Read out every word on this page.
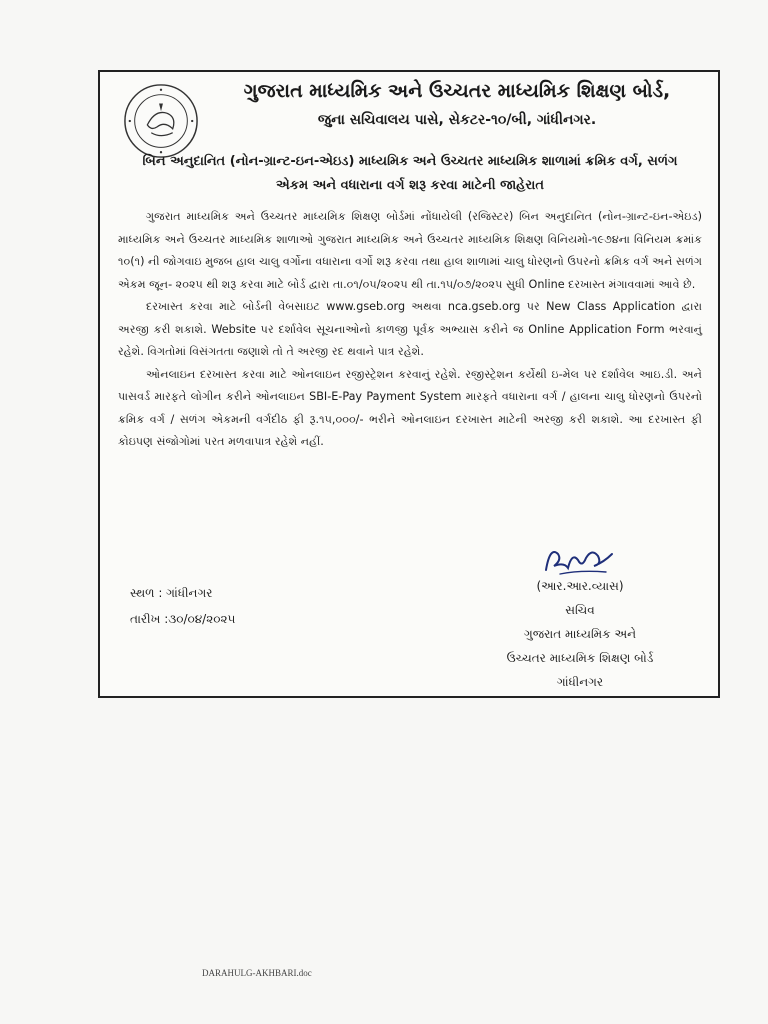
ગુજરાત માધ્યમિક અને ઉચ્ચતર માધ્યમિક શિક્ષણ બોર્ડ,
જુના સચિવાલય પાસે, સેકટર-૧૦/બી, ગાંધીનગર.
બિન અનુદાનિત (નોન-ગ્રાન્ટ-ઇન-એઇડ) માધ્યમિક અને ઉચ્ચતર માધ્યમિક શાળામાં ક્રમિક વર્ગ, સળંગ
એકમ અને વધારાના વર્ગ શરૂ કરવા માટેની જાહેરાત

ગુજરાત માધ્યમિક અને ઉચ્ચતર માધ્યમિક શિક્ષણ બોર્ડમાં નોંધાયેલી (રજિસ્ટર) બિન અનુદાનિત (નોન-ગ્રાન્ટ-ઇન-એઇડ) માધ્યમિક અને ઉચ્ચતર માધ્યમિક શાળાઓ ગુજરાત માધ્યમિક અને ઉચ્ચતર માધ્યમિક શિક્ષણ વિનિયમો-૧૯૭૪ના વિનિયમ ક્રમાંક ૧૦(૧) ની જોગવાઇ મુજબ હાલ ચાલુ વર્ગોના વધારાના વર્ગો શરૂ કરવા તથા હાલ શાળામાં ચાલુ ધોરણનો ઉપરનો ક્રમિક વર્ગ અને સળંગ એકમ જૂન- ૨૦૨૫ થી શરૂ કરવા માટે બોર્ડ દ્વારા તા.૦૧/૦૫/૨૦૨૫ થી તા.૧૫/૦૭/૨૦૨૫ સુધી Online દરખાસ્ત મંગાવવામાં આવે છે.

દરખાસ્ત કરવા માટે બોર્ડની વેબસાઇટ www.gseb.org અથવા nca.gseb.org પર New Class Application દ્વારા અરજી કરી શકાશે. Website પર દર્શાવેલ સૂચનાઓનો કાળજી પૂર્વક અભ્યાસ કરીને જ Online Application Form ભરવાનું રહેશે. વિગતોમાં વિસંગતતા જણાશે તો તે અરજી રદ થવાને પાત્ર રહેશે.

ઓનલાઇન દરખાસ્ત કરવા માટે ઓનલાઇન રજીસ્ટ્રેશન કરવાનું રહેશે. રજીસ્ટ્રેશન કર્યેથી ઇ-મેલ પર દર્શાવેલ આઇ.ડી. અને પાસવર્ડ મારફતે લોગીન કરીને ઓનલાઇન SBI-E-Pay Payment System મારફતે વધારાના વર્ગ / હાલના ચાલુ ધોરણનો ઉપરનો ક્રમિક વર્ગ / સળંગ એકમની વર્ગદીઠ ફી રૂ.૧૫,૦૦૦/- ભરીને ઓનલાઇન દરખાસ્ત માટેની અરજી કરી શકાશે. આ દરખાસ્ત ફી કોઇપણ સંજોગોમાં પરત મળવાપાત્ર રહેશે નહીં.

સ્થળ : ગાંધીનગર
તારીખ :૩૦/૦૪/૨૦૨૫
(આર.આર.વ્યાસ)
સચિવ
ગુજરાત માધ્યમિક અને
ઉચ્ચતર માધ્યમિક શિક્ષણ બોર્ડ
ગાંધીનગર
DARAHULG-AKHBARI.doc
